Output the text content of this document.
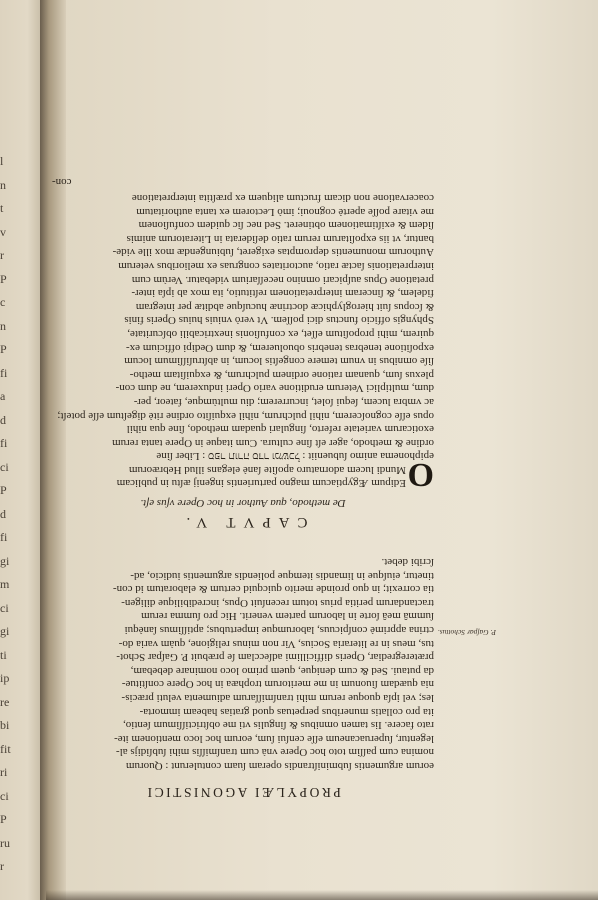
l
n
t
v
r
P
c
n
P
fi
a
d
fi
ci
P
d
fi
gi
m
ci
gi
ti
ip
re
bi
fit
ri
ci
P
ru
r
P. Gaſpar Schottus.
PROPYLÆI AGONISTICI
eorum argumentis ſubminiſtrandis operam ſuam contulerunt : Quorum
nomina cum paſſim toto hoc Opere vnà cum tranſmiſſis mihi ſubſidijs al-
legentur, ſuperuacaneum eſſe cenſui ſum, eorum hoc loco mentionem ite-
rato facere. Iis tamen omnibus & ſingulis vti me obſtrictiſſimum ſentio,
ita pro collatis muneribus perpetuas quod gratias habeam immorta-
les; vel ipſa quoque rerum mihi tranſmiſſarum adiumenta veluti præcis-
nia quædam ſiuonum in me meritorum trophæa in hoc Opere conſtitue-
da putaui. Sed & cum denique, quem primo loco nominare debebam,
præteregrediar, Operis difficillimi adſecclam ſe præbuit P. Gaſpar Schot-
tus, meus in re literaria Socius, Vir non minus religione, quàm varia do-
ctrina apprimè conſpicuus, laborumque impertubus; aptiſſimus ſanèqui
ſummâ meâ ſorte in laborum partem venerit. Hic pro ſumma rerum
tractandarum peritia prius totum recenſuit Opus, incredibilique diligen-
tia correxit; in quo proinde merito quicquid certum & elaboratum id con-
tinetur, eiuſque in limandis itemque poliendis argumentis iudicio, ad-
ſcribi debet.
CAPVT V.
De methodo, qua Author in hoc Opere vſus eſt.
O
Edipum Ægyptiacum magno parturientis ingenij æſtu in publicam
Mundi lucem adornaturo apoſite ſanè elegans illud Hebræorum
epiphonema animo ſubueniit : ספר תורה סדר ומשכל : Liber ſine
ordine & methodo, ager eſt ſine cultura. Cum itaque in Opere tanta rerum
exoticarum varietate referto, ſingulari quadam methodo, ſine qua nihil
opus eſſe cognoſcerem, nihil pulchrum, nihil exquiſito ordine ritè digeſtum eſſe poteſt;
ac vmbra lucem, ſequi ſolet, incurrerem; diu multùmque, fateor, per-
dum, multiplici Veterum eruditione vario Operi induxerem, ne dum con-
plexus ſum, quanam ratione ordinem pulchrum, & exquiſitam metho-
ſiſe omnibus in vnum temere congeſtis locum, in abſtruſiſſimum locum
expoſitione tenebras tenebris obuoluerem, & dum Oedipi officium ex-
quirem, mihi propoſitum eſſet, ex confuſionis inextricabili obſcuritate,
Sphyngis officio functus dici poſſem. Vt verò vniuis huius Operis finis
& ſcopus ſuit hieroglyphicæ doctrinæ hucuſque abditæ per integram
fidelem, & ſinceram interpretationem reſtitutio, ita mox ab ipſa inter-
pretatione Opus auſpicari omnino neceſſarium videbatur. Verùm cum
interpretationis ſactæ ratio, auctoritates congruas ex melioribus veterum
Authorum monumentis depromptas exigeret, ſubiungendæ mox ille vide-
bantur, vt iis expoſitarum rerum ratio deſiderata in Literatorum animis
ſidem & exiſtimationem obtineret. Sed nec ſic quidem confuſionem
me vitare poſſe apertè cognoui; imò Lectorem ex tanta authoritatum
coacervatione non dicam fructum aliquem ex præſtita interpretatione
con-
